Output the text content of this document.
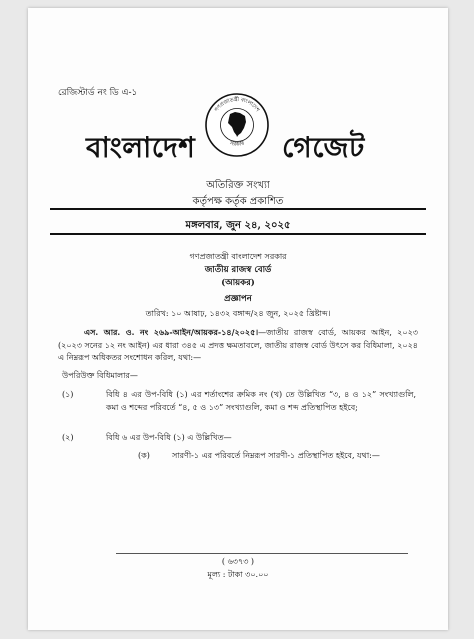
রেজিস্টার্ড নং ডি এ-১
বাংলাদেশ
গণপ্রজাতন্ত্রী বাংলাদেশ
সরকার গেজেট
অতিরিক্ত সংখ্যা
কর্তৃপক্ষ কর্তৃক প্রকাশিত
মঙ্গলবার, জুন ২৪, ২০২৫
গণপ্রজাতন্ত্রী বাংলাদেশ সরকার
জাতীয় রাজস্ব বোর্ড
(আয়কর)
প্রজ্ঞাপন
তারিখ: ১০ আষাঢ়, ১৪৩২ বঙ্গাব্দ/২৪ জুন, ২০২৫ খ্রিষ্টাব্দ।
এস. আর. ও. নং ২৬৯-আইন/আয়কর-১৪/২০২৫।—জাতীয় রাজস্ব বোর্ড, আয়কর আইন, ২০২৩ (২০২৩ সনের ১২ নং আইন) এর ধারা ৩৪৫ এ প্রদত্ত ক্ষমতাবলে, জাতীয় রাজস্ব বোর্ড উৎসে কর বিধিমালা, ২০২৪ এ নিম্নরূপ অধিকতর সংশোধন করিল, যথা:—
উপরিউক্ত বিধিমালার—
(১)	বিধি ৪ এর উপ-বিধি (১) এর শর্তাংশের ক্রমিক নং (খ) তে উল্লিখিত “৩, ৪ ও ১২” সংখ্যাগুলি, কমা ও শব্দের পরিবর্তে “৪, ৫ ও ১৩” সংখ্যাগুলি, কমা ও শব্দ প্রতিস্থাপিত হইবে;
(২)	বিধি ৬ এর উপ-বিধি (১) এ উল্লিখিত—
(ক)	সারণী-১ এর পরিবর্তে নিম্নরূপ সারণী-১ প্রতিস্থাপিত হইবে, যথা:—
( ৬৩৭৩ )
মূল্য : টাকা ৩০.০০
